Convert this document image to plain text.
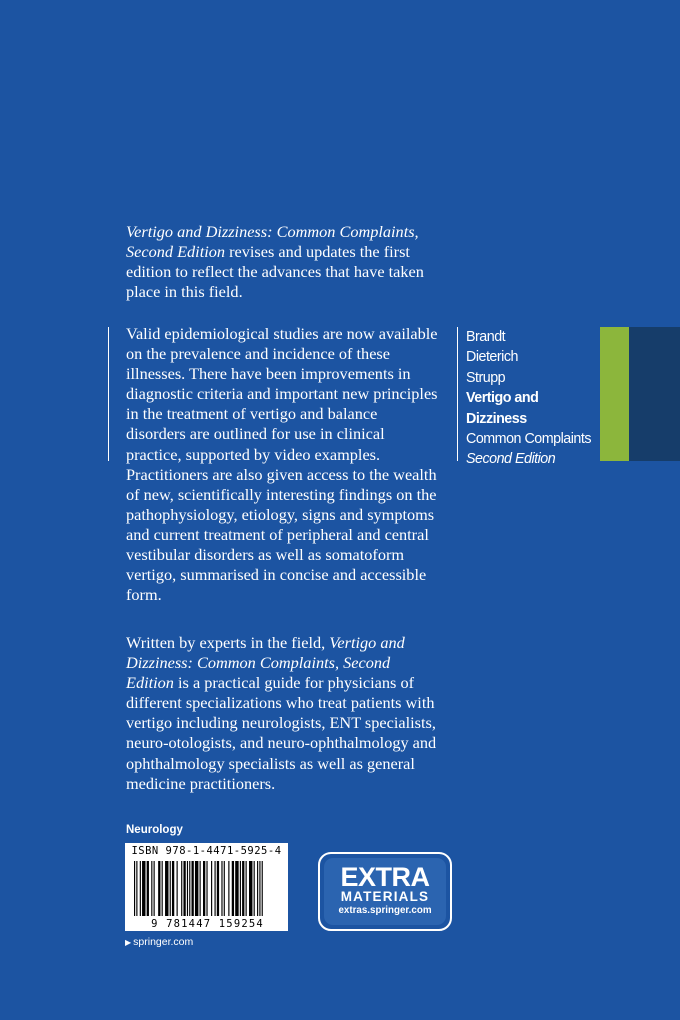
Vertigo and Dizziness: Common Complaints,
Second Edition revises and updates the first edition to reflect the advances that have taken place in this field.

Valid epidemiological studies are now available on the prevalence and incidence of these illnesses. There have been improvements in diagnostic criteria and important new principles in the treatment of vertigo and balance disorders are outlined for use in clinical practice, supported by video examples. Practitioners are also given access to the wealth of new, scientifically interesting findings on the pathophysiology, etiology, signs and symptoms and current treatment of peripheral and central vestibular disorders as well as somatoform vertigo, summarised in concise and accessible form.

Written by experts in the field, Vertigo and Dizziness: Common Complaints, Second Edition is a practical guide for physicians of different specializations who treat patients with vertigo including neurologists, ENT specialists, neuro-otologists, and neuro-ophthalmology and ophthalmology specialists as well as general medicine practitioners.

Brandt
Dieterich
Strupp
Vertigo and
Dizziness
Common Complaints
Second Edition
Neurology
ISBN 978-1-4471-5925-4
9 781447 159254
▶ springer.com
EXTRA
MATERIALS
extras.springer.com
